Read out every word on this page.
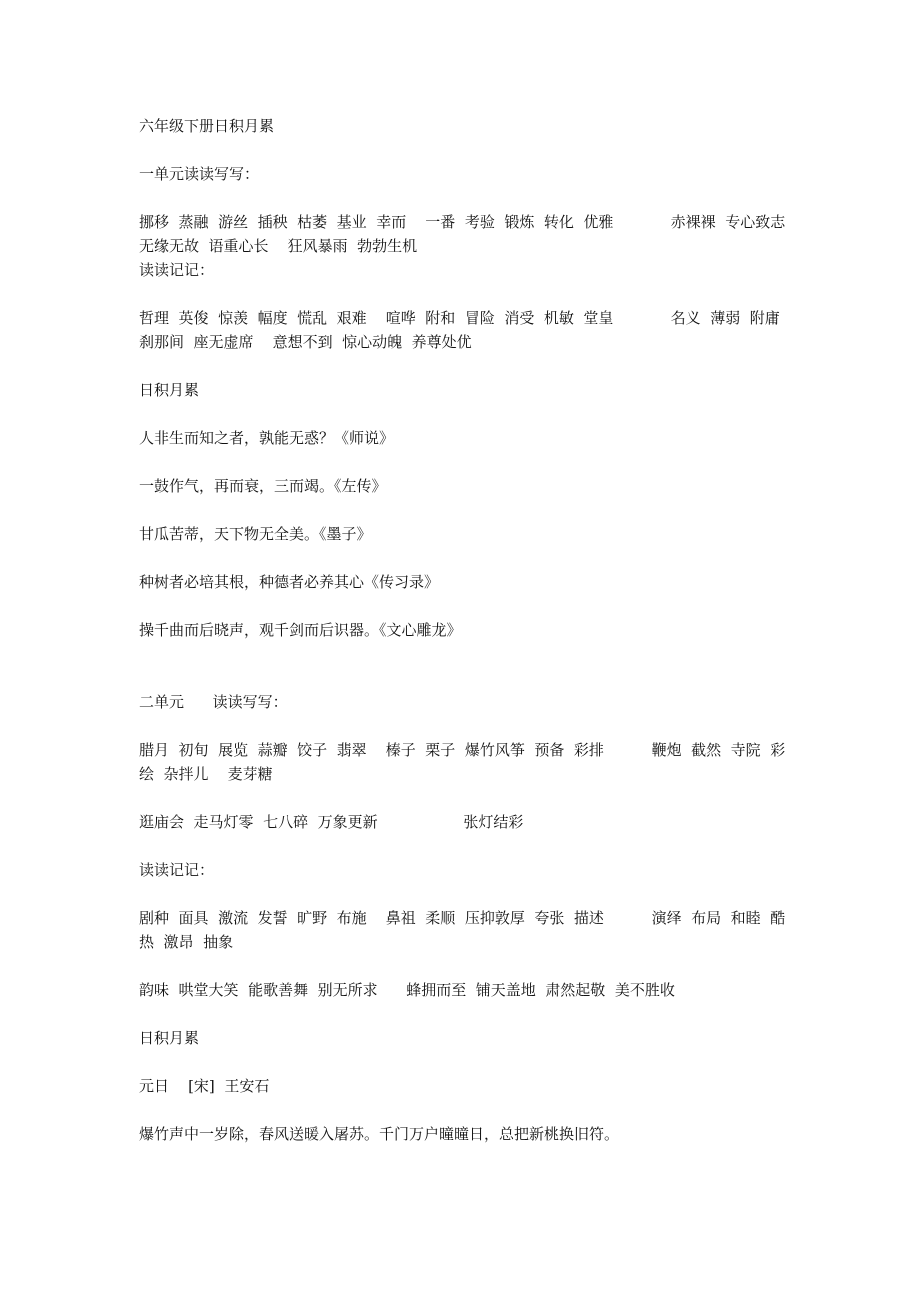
六年级下册日积月累

一单元读读写写：

挪移  蒸融  游丝  插秧  枯萎  基业  幸而    一番  考验  锻炼  转化  优雅            赤裸裸  专心致志  无缘无故  语重心长    狂风暴雨  勃勃生机

读读记记：

哲理  英俊  惊羡  幅度  慌乱  艰难    喧哗  附和  冒险  消受  机敏  堂皇            名义  薄弱  附庸  刹那间  座无虚席    意想不到  惊心动魄  养尊处优

日积月累

人非生而知之者，孰能无惑？《师说》

一鼓作气，再而衰，三而竭。《左传》

甘瓜苦蒂，天下物无全美。《墨子》

种树者必培其根，种德者必养其心《传习录》

操千曲而后晓声，观千剑而后识器。《文心雕龙》

二单元      读读写写：

腊月  初旬  展览  蒜瓣  饺子  翡翠    榛子  栗子  爆竹风筝  预备  彩排          鞭炮  截然  寺院  彩绘  杂拌儿    麦芽糖

逛庙会  走马灯零  七八碎  万象更新                  张灯结彩

读读记记：

剧种  面具  激流  发誓  旷野  布施    鼻祖  柔顺  压抑敦厚  夸张  描述          演绎  布局  和睦  酷热  激昂  抽象

韵味  哄堂大笑  能歌善舞  别无所求      蜂拥而至  铺天盖地  肃然起敬  美不胜收

日积月累

元日    [宋]  王安石

爆竹声中一岁除，春风送暖入屠苏。千门万户曈曈日，总把新桃换旧符。
